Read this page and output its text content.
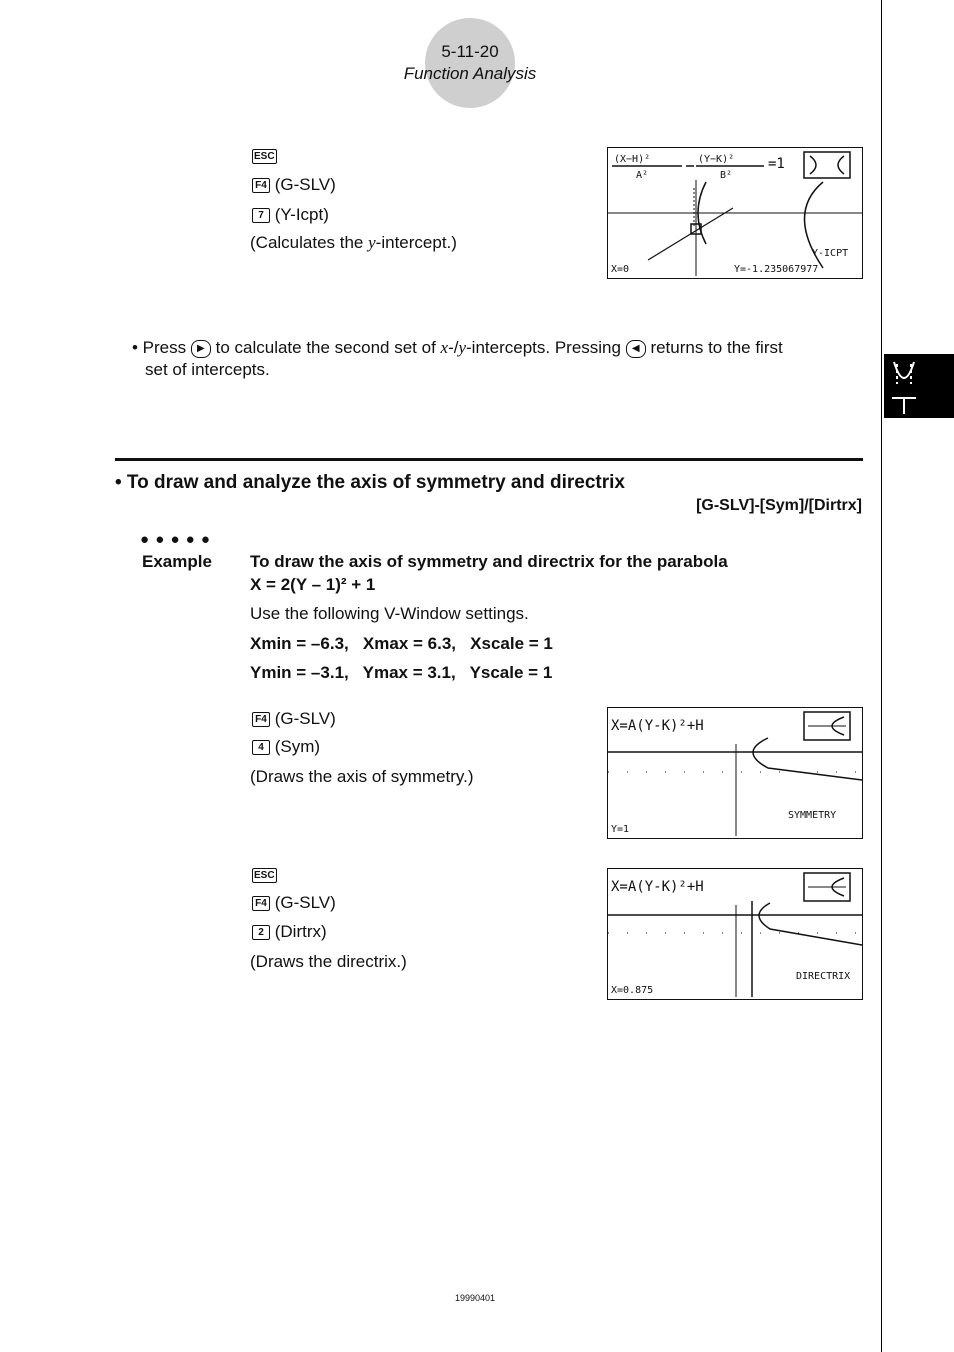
5-11-20
Function Analysis
ESC
F4 (G-SLV)
7 (Y-Icpt)
(Calculates the y-intercept.)
(X−H)²
A²
(Y−K)²
B²
=1
Y-ICPT
X=0	Y=-1.235067977
• Press ▶ to calculate the second set of x-/y-intercepts. Pressing ◀ returns to the first
set of intercepts.
• To draw and analyze the axis of symmetry and directrix
[G-SLV]-[Sym]/[Dirtrx]
● ● ● ● ●
Example To draw the axis of symmetry and directrix for the parabola
X = 2(Y – 1)² + 1
Use the following V-Window settings.
Xmin = –6.3,   Xmax = 6.3,   Xscale = 1
Ymin = –3.1,   Ymax = 3.1,   Yscale = 1
F4 (G-SLV)
4 (Sym)
(Draws the axis of symmetry.)
X=A(Y-K)²+H
SYMMETRY
Y=1
ESC
F4 (G-SLV)
2 (Dirtrx)
(Draws the directrix.)
X=A(Y-K)²+H
DIRECTRIX
X=0.875
19990401
